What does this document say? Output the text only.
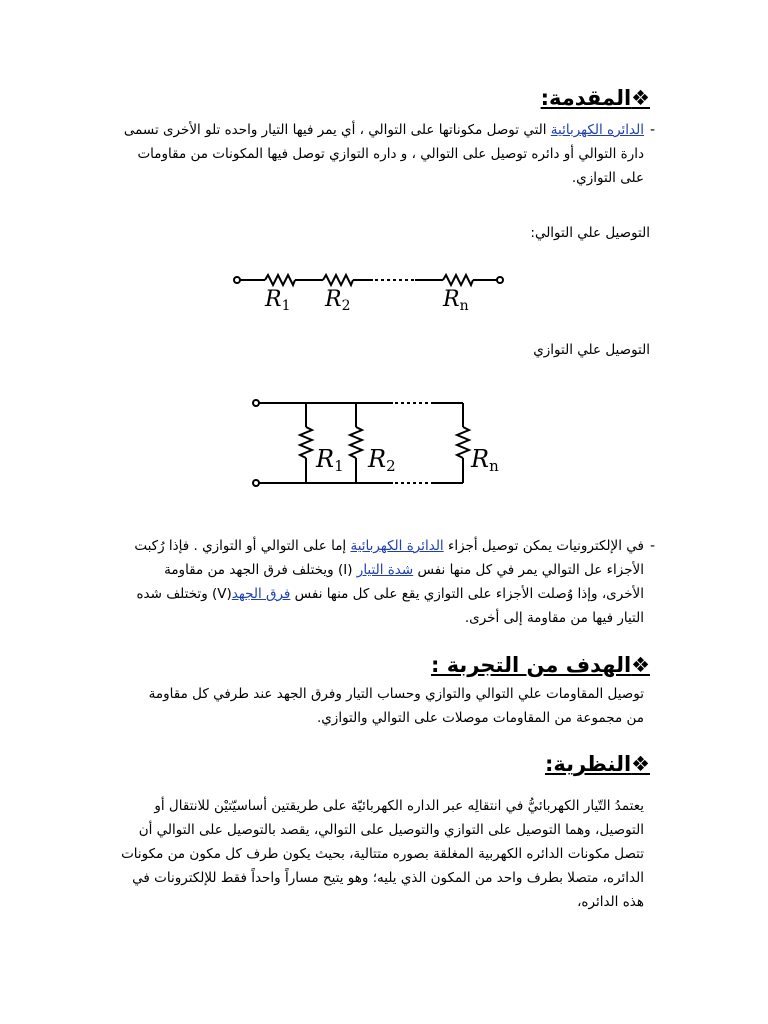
❖المقدمة:
-
الدائره الكهربائية التي توصل مكوناتها على التوالي ، أي يمر فيها التيار واحده تلو الأخرى تسمى دارة التوالي أو دائره توصيل على التوالي ، و داره التوازي توصل فيها المكونات من مقاومات على التوازي.
التوصيل علي التوالي:
R1 R2	Rn
التوصيل علي التوازي
R1 R2	Rn
-
في الإلكترونيات يمكن توصيل أجزاء الدائرة الكهربائية إما على التوالي أو التوازي . فإذا رُكبت الأجزاء عل التوالي يمر في كل منها نفس شدة التيار (I) ويختلف فرق الجهد من مقاومة الأخرى، وإذا وُصلت الأجزاء على التوازي يقع على كل منها نفس فرق الجهد(V) وتختلف شده التيار فيها من مقاومة إلى أخرى.
❖الهدف من التجربة :
توصيل المقاومات علي التوالي والتوازي وحساب التيار وفرق الجهد عند طرفي كل مقاومة من مجموعة من المقاومات موصلات على التوالي والتوازي.
❖النظرية:
يعتمدُ التّيار الكهربائيُّ في انتقالِه عبر الداره الكهربائيّة على طريقتين أساسيّتيْن للانتقال أو التوصيل، وهما التوصيل على التوازي والتوصيل على التوالي، يقصد بالتوصيل على التوالي أن تتصل مكونات الدائره الكهربية المغلقة بصوره متتالية، بحيث يكون طرف كل مكون من مكونات الدائره، متصلا بطرف واحد من المكون الذي يليه؛ وهو يتيح مساراً واحداً فقط للإلكترونات في هذه الدائره،
